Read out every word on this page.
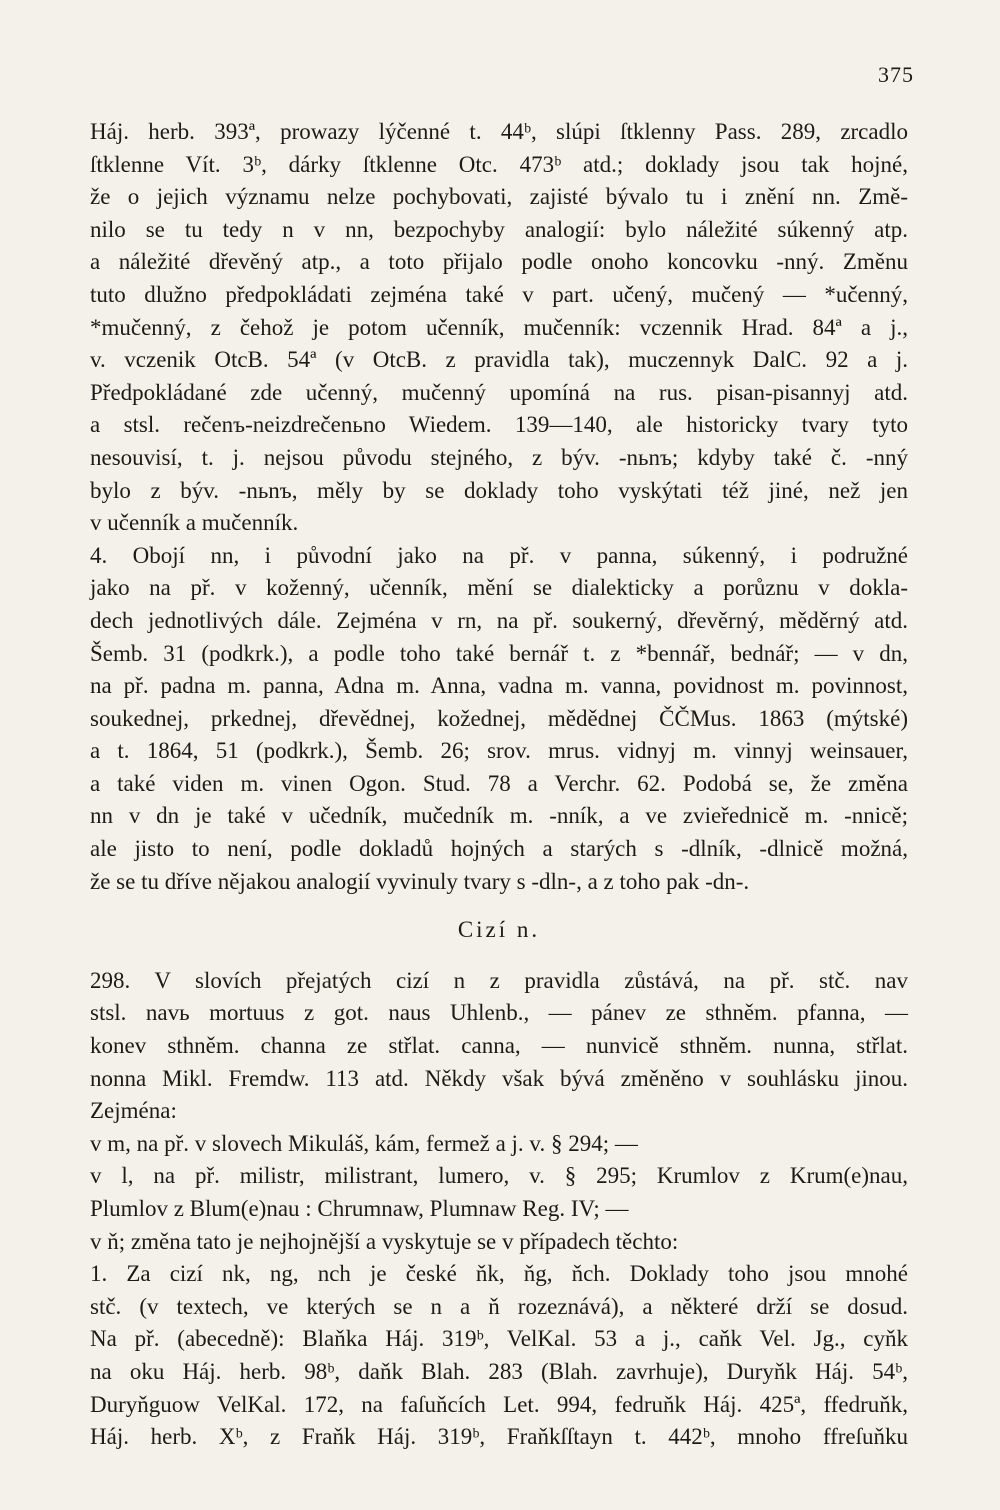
375
Háj. herb. 393ª, prowazy lýčenné t. 44ᵇ, slúpi ſtklenny Pass. 289, zrcadlo
ſtklenne Vít. 3ᵇ, dárky ſtklenne Otc. 473ᵇ atd.; doklady jsou tak hojné,
že o jejich významu nelze pochybovati, zajisté bývalo tu i znění nn. Změ-
nilo se tu tedy n v nn, bezpochyby analogií: bylo náležité súkenný atp.
a náležité dřevěný atp., a toto přijalo podle onoho koncovku -nný. Změnu
tuto dlužno předpokládati zejména také v part. učený, mučený — *učenný,
*mučenný, z čehož je potom učenník, mučenník: vczennik Hrad. 84ª a j.,
v. vczenik OtcB. 54ª (v OtcB. z pravidla tak), muczennyk DalC. 92 a j.
Předpokládané zde učenný, mučenný upomíná na rus. pisan-pisannyj atd.
a stsl. rečenъ-neizdrečenьno Wiedem. 139—140, ale historicky tvary tyto
nesouvisí, t. j. nejsou původu stejného, z býv. -nьnъ; kdyby také č. -nný
bylo z býv. -nьnъ, měly by se doklady toho vyskýtati též jiné, než jen
v učenník a mučenník.
4. Obojí nn, i původní jako na př. v panna, súkenný, i podružné
jako na př. v koženný, učenník, mění se dialekticky a porůznu v dokla-
dech jednotlivých dále. Zejména v rn, na př. soukerný, dřevěrný, měděrný atd.
Šemb. 31 (podkrk.), a podle toho také bernář t. z *bennář, bednář; — v dn,
na př. padna m. panna, Adna m. Anna, vadna m. vanna, povidnost m. povinnost,
soukednej, prkednej, dřevědnej, kožednej, mědědnej ČČMus. 1863 (mýtské)
a t. 1864, 51 (podkrk.), Šemb. 26; srov. mrus. vidnyj m. vinnyj weinsauer,
a také viden m. vinen Ogon. Stud. 78 a Verchr. 62. Podobá se, že změna
nn v dn je také v učedník, mučedník m. -nník, a ve zvieřednicě m. -nnicě;
ale jisto to není, podle dokladů hojných a starých s -dlník, -dlnicě možná,
že se tu dříve nějakou analogií vyvinuly tvary s -dln-, a z toho pak -dn-.
Cizí n.
298. V slovích přejatých cizí n z pravidla zůstává, na př. stč. nav
stsl. navь mortuus z got. naus Uhlenb., — pánev ze sthněm. pfanna, —
konev sthněm. channa ze střlat. canna, — nunvicě sthněm. nunna, střlat.
nonna Mikl. Fremdw. 113 atd. Někdy však bývá změněno v souhlásku jinou.
Zejména:
v m, na př. v slovech Mikuláš, kám, fermež a j. v. § 294; —
v l, na př. milistr, milistrant, lumero, v. § 295; Krumlov z Krum(e)nau,
Plumlov z Blum(e)nau : Chrumnaw, Plumnaw Reg. IV; —
v ň; změna tato je nejhojnější a vyskytuje se v případech těchto:
1. Za cizí nk, ng, nch je české ňk, ňg, ňch. Doklady toho jsou mnohé
stč. (v textech, ve kterých se n a ň rozeznává), a některé drží se dosud.
Na př. (abecedně): Blaňka Háj. 319ᵇ, VelKal. 53 a j., caňk Vel. Jg., cyňk
na oku Háj. herb. 98ᵇ, daňk Blah. 283 (Blah. zavrhuje), Duryňk Háj. 54ᵇ,
Duryňguow VelKal. 172, na faſuňcích Let. 994, fedruňk Háj. 425ª, ffedruňk,
Háj. herb. Xᵇ, z Fraňk Háj. 319ᵇ, Fraňkſſtayn t. 442ᵇ, mnoho ffreſuňku
